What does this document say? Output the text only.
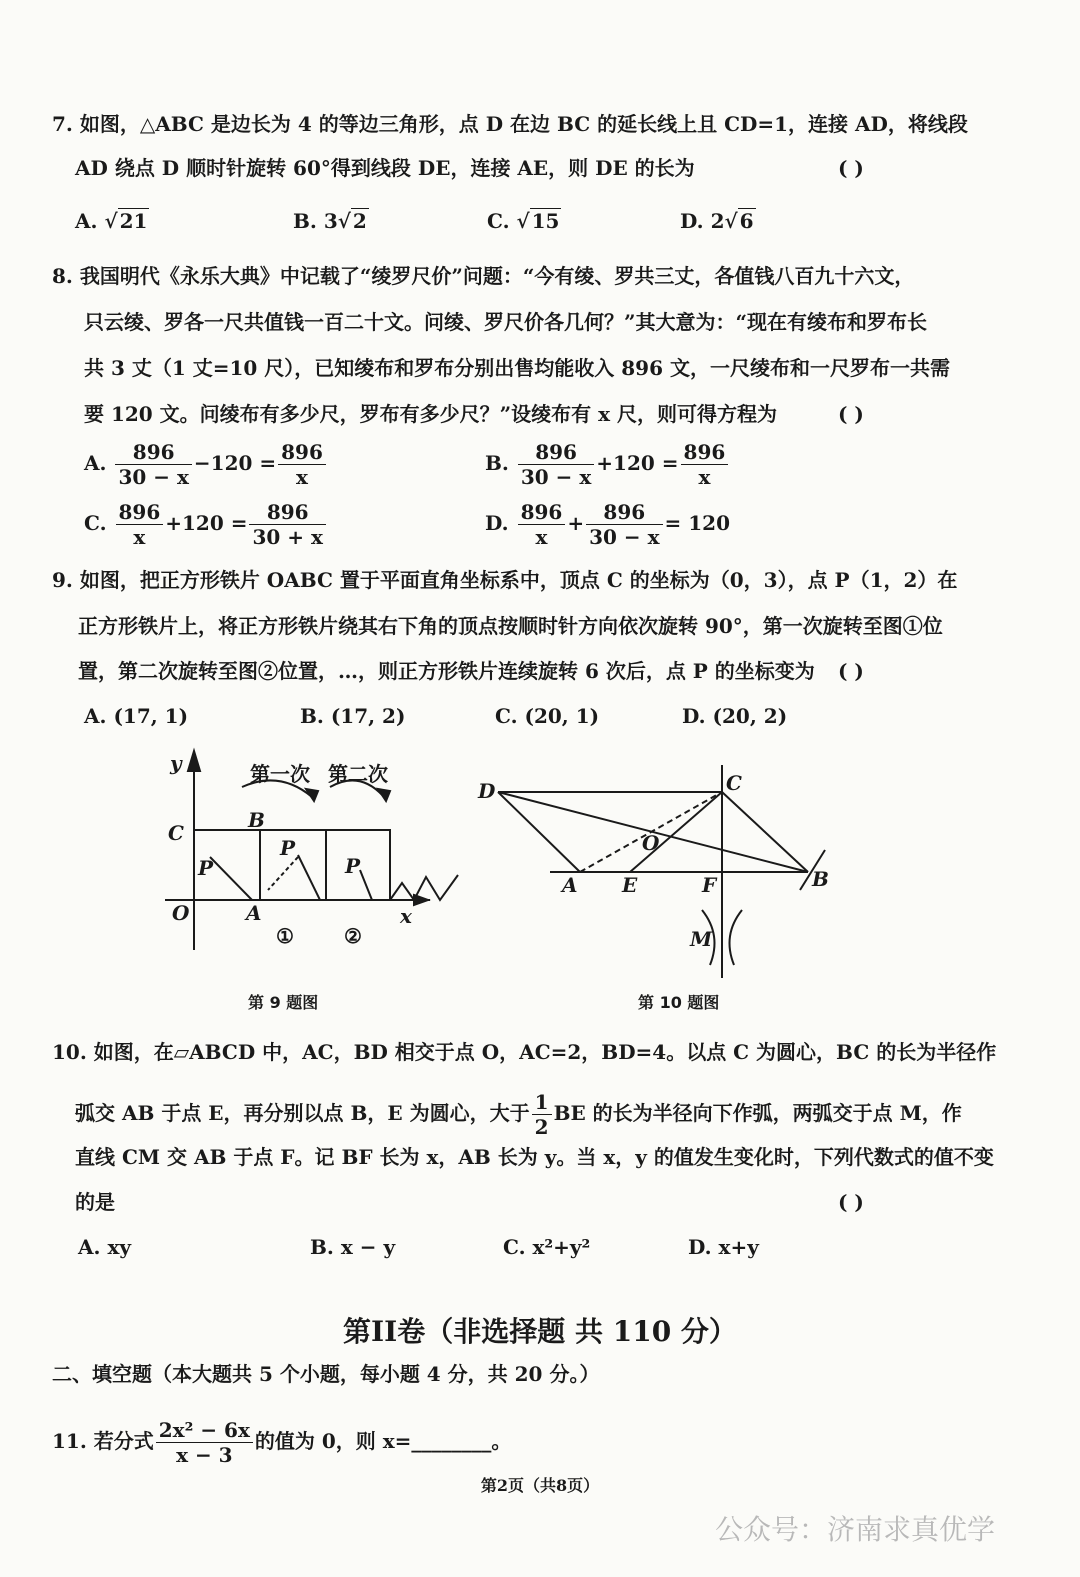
7. 如图，△ABC 是边长为 4 的等边三角形，点 D 在边 BC 的延长线上且 CD=1，连接 AD，将线段
AD 绕点 D 顺时针旋转 60°得到线段 DE，连接 AE，则 DE 的长为	( )
A. √ 21	B. 3√ 2	C. √ 15	D. 2√ 6
8. 我国明代《永乐大典》中记载了“绫罗尺价”问题：“今有绫、罗共三丈，各值钱八百九十六文，
只云绫、罗各一尺共值钱一百二十文。问绫、罗尺价各几何？”其大意为：“现在有绫布和罗布长
共 3 丈（1 丈=10 尺），已知绫布和罗布分别出售均能收入 896 文，一尺绫布和一尺罗布一共需
要 120 文。问绫布有多少尺，罗布有多少尺？”设绫布有 x 尺，则可得方程为	( )
A. $\frac{896}{30 - x} -120 = \frac{896}{x}$	B. $\frac{896}{30 - x} +120 = \frac{896}{x}$
C. $\frac{896}{x} +120 = \frac{896}{30 + x}$	D. $\frac{896}{x} + \frac{896}{30 - x} = 120$
9. 如图，把正方形铁片 OABC 置于平面直角坐标系中，顶点 C 的坐标为（0，3），点 P（1，2）在
正方形铁片上，将正方形铁片绕其右下角的顶点按顺时针方向依次旋转 90°，第一次旋转至图①位
置，第二次旋转至图②位置，…，则正方形铁片连续旋转 6 次后，点 P 的坐标变为 ( )
A. (17, 1)	B. (17, 2)	C. (20, 1)	D. (20, 2)
y
C
O	A
B
P
P
P
x
①	②
第一次 第二次
第 9 题图
D	C
O
A E	F	B
M
第 10 题图
10. 如图，在▱ABCD 中，AC，BD 相交于点 O，AC=2，BD=4。以点 C 为圆心，BC 的长为半径作
弧交 AB 于点 E，再分别以点 B，E 为圆心，大于 $\frac{1}{2}$ BE 的长为半径向下作弧，两弧交于点 M，作
直线 CM 交 AB 于点 F。记 BF 长为 x，AB 长为 y。当 x，y 的值发生变化时，下列代数式的值不变
的是	( )
A. xy	B. x − y	C. x²+y²	D. x+y
第II卷（非选择题 共 110 分）
二、填空题（本大题共 5 个小题，每小题 4 分，共 20 分。）
11. 若分式 $\frac{\text{2x² − 6x}}{x - 3}$ 的值为 0，则 x=________。
第2页（共8页）
公众号：济南求真优学
